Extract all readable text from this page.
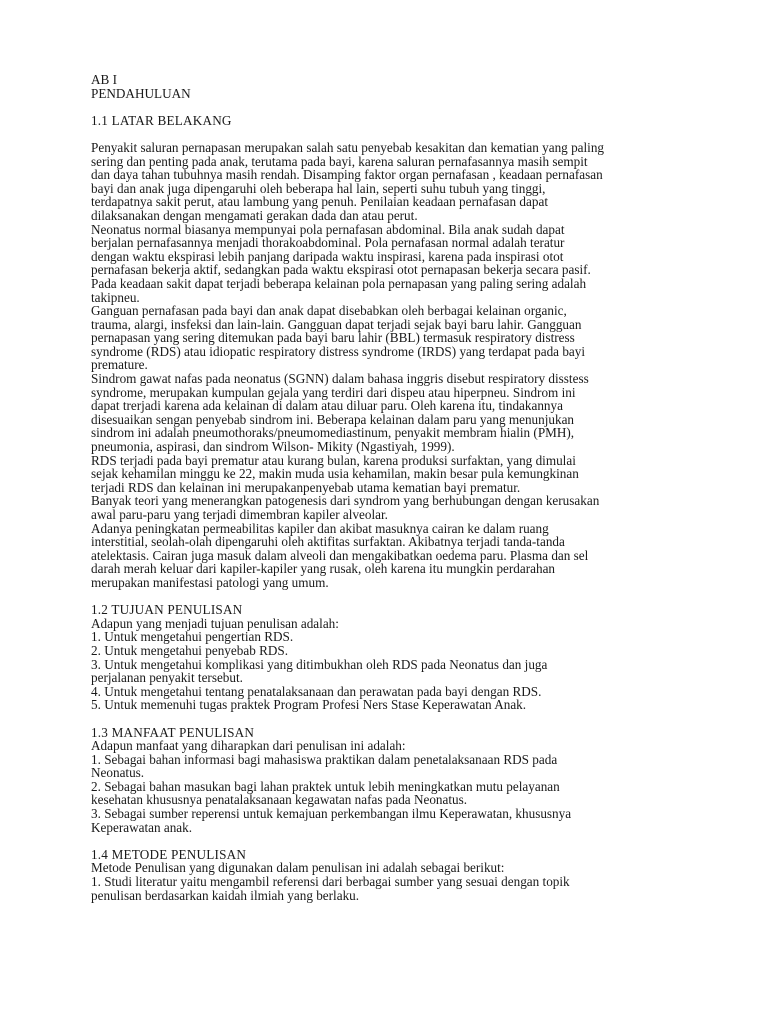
AB I
PENDAHULUAN
1.1 LATAR BELAKANG
Penyakit saluran pernapasan merupakan salah satu penyebab kesakitan dan kematian yang paling
sering dan penting pada anak, terutama pada bayi, karena saluran pernafasannya masih sempit
dan daya tahan tubuhnya masih rendah. Disamping faktor organ pernafasan , keadaan pernafasan
bayi dan anak juga dipengaruhi oleh beberapa hal lain, seperti suhu tubuh yang tinggi,
terdapatnya sakit perut, atau lambung yang penuh. Penilaian keadaan pernafasan dapat
dilaksanakan dengan mengamati gerakan dada dan atau perut.
Neonatus normal biasanya mempunyai pola pernafasan abdominal. Bila anak sudah dapat
berjalan pernafasannya menjadi thorakoabdominal. Pola pernafasan normal adalah teratur
dengan waktu ekspirasi lebih panjang daripada waktu inspirasi, karena pada inspirasi otot
pernafasan bekerja aktif, sedangkan pada waktu ekspirasi otot pernapasan bekerja secara pasif.
Pada keadaan sakit dapat terjadi beberapa kelainan pola pernapasan yang paling sering adalah
takipneu.
Ganguan pernafasan pada bayi dan anak dapat disebabkan oleh berbagai kelainan organic,
trauma, alargi, insfeksi dan lain-lain. Gangguan dapat terjadi sejak bayi baru lahir. Gangguan
pernapasan yang sering ditemukan pada bayi baru lahir (BBL) termasuk respiratory distress
syndrome (RDS) atau idiopatic respiratory distress syndrome (IRDS) yang terdapat pada bayi
premature.
Sindrom gawat nafas pada neonatus (SGNN) dalam bahasa inggris disebut respiratory disstess
syndrome, merupakan kumpulan gejala yang terdiri dari dispeu atau hiperpneu. Sindrom ini
dapat trerjadi karena ada kelainan di dalam atau diluar paru. Oleh karena itu, tindakannya
disesuaikan sengan penyebab sindrom ini. Beberapa kelainan dalam paru yang menunjukan
sindrom ini adalah pneumothoraks/pneumomediastinum, penyakit membram hialin (PMH),
pneumonia, aspirasi, dan sindrom Wilson- Mikity (Ngastiyah, 1999).
RDS terjadi pada bayi prematur atau kurang bulan, karena produksi surfaktan, yang dimulai
sejak kehamilan minggu ke 22, makin muda usia kehamilan, makin besar pula kemungkinan
terjadi RDS dan kelainan ini merupakanpenyebab utama kematian bayi prematur.
Banyak teori yang menerangkan patogenesis dari syndrom yang berhubungan dengan kerusakan
awal paru-paru yang terjadi dimembran kapiler alveolar.
Adanya peningkatan permeabilitas kapiler dan akibat masuknya cairan ke dalam ruang
interstitial, seolah-olah dipengaruhi oleh aktifitas surfaktan. Akibatnya terjadi tanda-tanda
atelektasis. Cairan juga masuk dalam alveoli dan mengakibatkan oedema paru. Plasma dan sel
darah merah keluar dari kapiler-kapiler yang rusak, oleh karena itu mungkin perdarahan
merupakan manifestasi patologi yang umum.
1.2 TUJUAN PENULISAN
Adapun yang menjadi tujuan penulisan adalah:
1. Untuk mengetahui pengertian RDS.
2. Untuk mengetahui penyebab RDS.
3. Untuk mengetahui komplikasi yang ditimbukhan oleh RDS pada Neonatus dan juga
perjalanan penyakit tersebut.
4. Untuk mengetahui tentang penatalaksanaan dan perawatan pada bayi dengan RDS.
5. Untuk memenuhi tugas praktek Program Profesi Ners Stase Keperawatan Anak.
1.3 MANFAAT PENULISAN
Adapun manfaat yang diharapkan dari penulisan ini adalah:
1. Sebagai bahan informasi bagi mahasiswa praktikan dalam penetalaksanaan RDS pada
Neonatus.
2. Sebagai bahan masukan bagi lahan praktek untuk lebih meningkatkan mutu pelayanan
kesehatan khususnya penatalaksanaan kegawatan nafas pada Neonatus.
3. Sebagai sumber reperensi untuk kemajuan perkembangan ilmu Keperawatan, khususnya
Keperawatan anak.
1.4 METODE PENULISAN
Metode Penulisan yang digunakan dalam penulisan ini adalah sebagai berikut:
1. Studi literatur yaitu mengambil referensi dari berbagai sumber yang sesuai dengan topik
penulisan berdasarkan kaidah ilmiah yang berlaku.
